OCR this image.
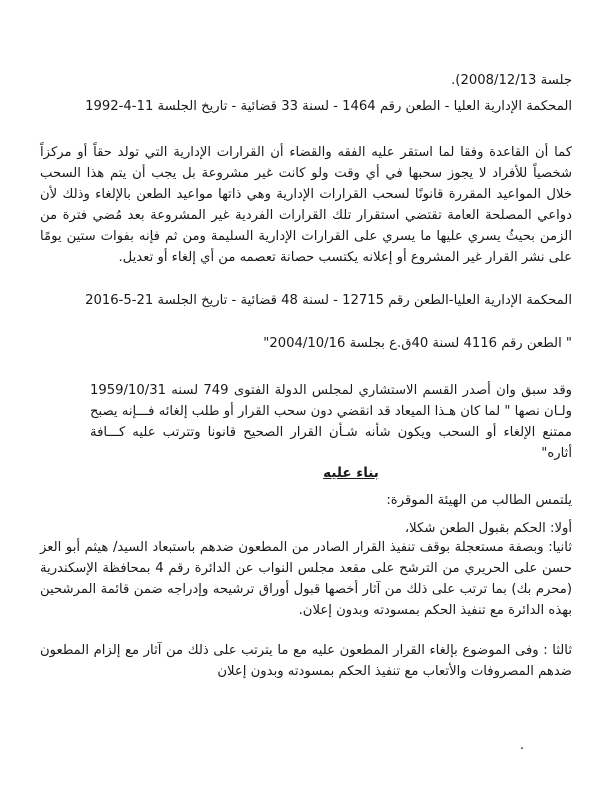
جلسة 2008/12/13).

المحكمة الإدارية العليا - الطعن رقم 1464 - لسنة 33 قضائية - تاريخ الجلسة 11-4-1992

كما أن القاعدة وفقا لما استقر عليه الفقه والقضاء أن القرارات الإدارية التي تولد حقاً أو مركزاً شخصياً للأفراد لا يجوز سحبها في أي وقت ولو كانت غير مشروعة بل يجب أن يتم هذا السحب خلال المواعيد المقررة قانونًا لسحب القرارات الإدارية وهي ذاتها مواعيد الطعن بالإلغاء وذلك لأن دواعي المصلحة العامة تقتضي استقرار تلك القرارات الفردية غير المشروعة بعد مُضي فترة من الزمن بحيثُ يسري عليها ما يسري على القرارات الإدارية السليمة ومن ثم فإنه بفوات ستين يومًا على نشر القرار غير المشروع أو إعلانه يكتسب حصانة تعصمه من أي إلغاء أو تعديل.

المحكمة الإدارية العليا-الطعن رقم 12715 - لسنة 48 قضائية - تاريخ الجلسة 21-5-2016

" الطعن رقم 4116 لسنة 40ق.ع بجلسة 2004/10/16"

وقد سبق وان أصدر القسم الاستشاري لمجلس الدولة الفتوى 749 لسنه 1959/10/31 ولـان نصها " لما كان هـذا الميعاد قد انقضي دون سحب القرار أو طلب إلغائه فـــإنه يصبح ممتنع الإلغاء أو السحب ويكون شأنه شـأن القرار الصحيح قانونا وتترتب عليه كـــافة أثاره"

بناء عليه

يلتمس الطالب من الهيئة الموقرة:

أولا: الحكم بقبول الطعن شكلا،

ثانيا: وبصفة مستعجلة بوقف تنفيذ القرار الصادر من المطعون ضدهم باستبعاد السيد/ هيثم أبو العز حسن على الحريري من الترشح على مقعد مجلس النواب عن الدائرة رقم 4 بمحافظة الإسكندرية (محرم بك) بما ترتب على ذلك من آثار أخصها قبول أوراق ترشيحه وإدراجه ضمن قائمة المرشحين بهذه الدائرة مع تنفيذ الحكم بمسودته وبدون إعلان.

ثالثا : وفى الموضوع بإلغاء القرار المطعون عليه مع ما يترتب على ذلك من آثار مع إلزام المطعون ضدهم المصروفات والأتعاب مع تنفيذ الحكم بمسودته وبدون إعلان

.
